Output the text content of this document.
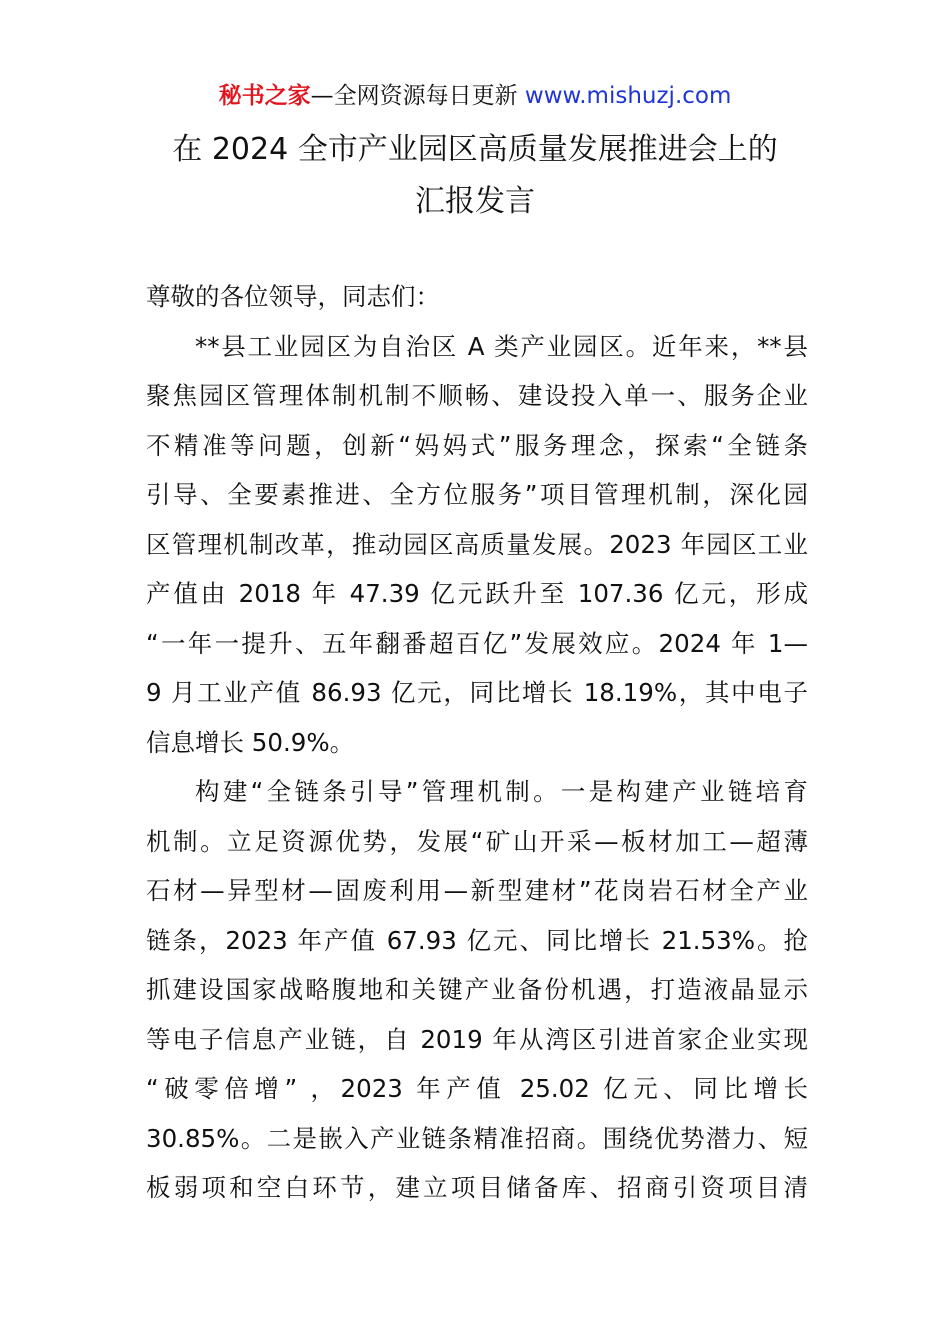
秘书之家—全网资源每日更新 www.mishuzj.com
在 2024 全市产业园区高质量发展推进会上的
汇报发言
尊敬的各位领导，同志们：
**县工业园区为自治区 A 类产业园区。近年来，**县
聚焦园区管理体制机制不顺畅、建设投入单一、服务企业
不精准等问题，创新“妈妈式”服务理念，探索“全链条
引导、全要素推进、全方位服务”项目管理机制，深化园
区管理机制改革，推动园区高质量发展。2023 年园区工业
产值由 2018 年 47.39 亿元跃升至 107.36 亿元，形成
“一年一提升、五年翻番超百亿”发展效应。2024 年 1—
9 月工业产值 86.93 亿元，同比增长 18.19%，其中电子
信息增长 50.9%。
构建“全链条引导”管理机制。一是构建产业链培育
机制。立足资源优势，发展“矿山开采—板材加工—超薄
石材—异型材—固废利用—新型建材”花岗岩石材全产业
链条，2023 年产值 67.93 亿元、同比增长 21.53%。抢
抓建设国家战略腹地和关键产业备份机遇，打造液晶显示
等电子信息产业链，自 2019 年从湾区引进首家企业实现
“破零倍增” ，2023 年产值 25.02 亿元、同比增长
30.85%。二是嵌入产业链条精准招商。围绕优势潜力、短
板弱项和空白环节，建立项目储备库、招商引资项目清
